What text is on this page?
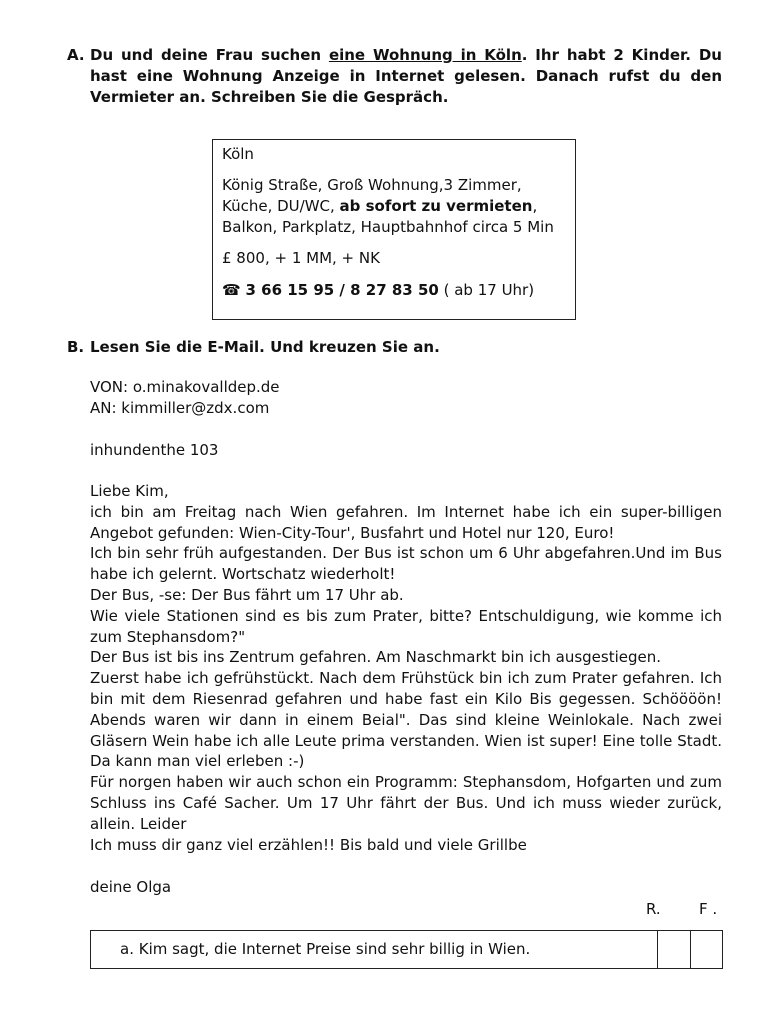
A. Du und deine Frau suchen eine Wohnung in Köln. Ihr habt 2 Kinder. Du hast eine Wohnung Anzeige in Internet gelesen. Danach rufst du den Vermieter an. Schreiben Sie die Gespräch.
Köln
König Straße, Groß Wohnung,3 Zimmer,
Küche, DU/WC, ab sofort zu vermieten,
Balkon, Parkplatz, Hauptbahnhof circa 5 Min
£ 800, + 1 MM, + NK
☎ 3 66 15 95 / 8 27 83 50 ( ab 17 Uhr)
B. Lesen Sie die E-Mail. Und kreuzen Sie an.
VON: o.minakovalldep.de
AN: kimmiller@zdx.com
inhundenthe 103

Liebe Kim,

ich bin am Freitag nach Wien gefahren. Im Internet habe ich ein super-billigen Angebot gefunden: Wien-City-Tour', Busfahrt und Hotel nur 120, Euro!

Ich bin sehr früh aufgestanden. Der Bus ist schon um 6 Uhr abgefahren.Und im Bus habe ich gelernt. Wortschatz wiederholt!

Der Bus, -se: Der Bus fährt um 17 Uhr ab.

Wie viele Stationen sind es bis zum Prater, bitte? Entschuldigung, wie komme ich zum Stephansdom?"

Der Bus ist bis ins Zentrum gefahren. Am Naschmarkt bin ich ausgestiegen.

Zuerst habe ich gefrühstückt. Nach dem Frühstück bin ich zum Prater gefahren. Ich bin mit dem Riesenrad gefahren und habe fast ein Kilo Bis gegessen. Schöööön! Abends waren wir dann in einem Beial". Das sind kleine Weinlokale. Nach zwei Gläsern Wein habe ich alle Leute prima verstanden. Wien ist super! Eine tolle Stadt. Da kann man viel erleben :-)

Für norgen haben wir auch schon ein Programm: Stephansdom, Hofgarten und zum Schluss ins Café Sacher. Um 17 Uhr fährt der Bus. Und ich muss wieder zurück, allein. Leider

Ich muss dir ganz viel erzählen!! Bis bald und viele Grillbe

deine Olga
R.	F .
a. Kim sagt, die Internet Preise sind sehr billig in Wien.
